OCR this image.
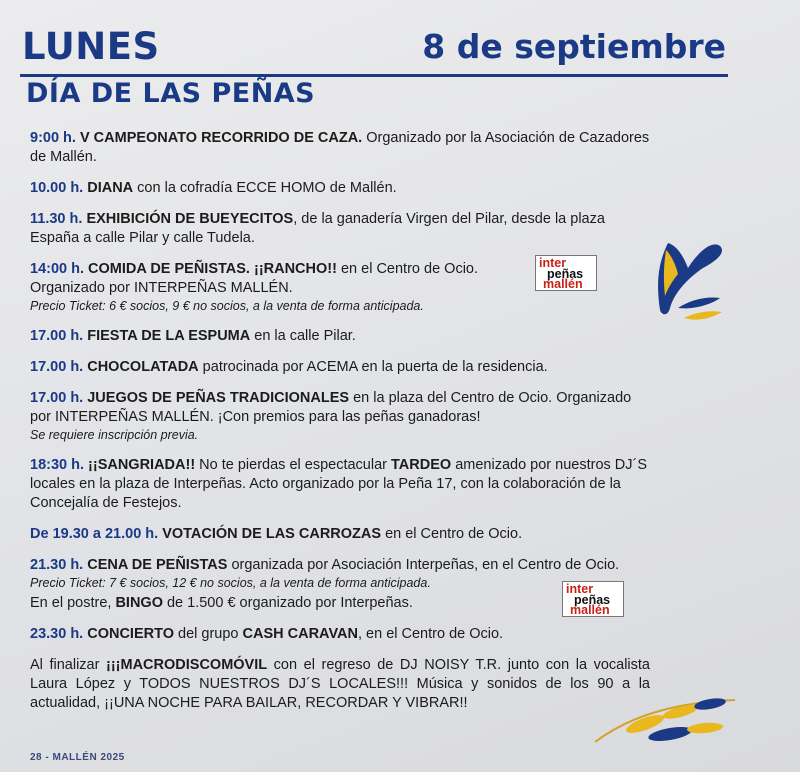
LUNES	8 de septiembre
DÍA DE LAS PEÑAS
9:00 h. V CAMPEONATO RECORRIDO DE CAZA. Organizado por la Asociación de Cazadores de Mallén.
10.00 h. DIANA con la cofradía ECCE HOMO de Mallén.
11.30 h. EXHIBICIÓN DE BUEYECITOS, de la ganadería Virgen del Pilar, desde la plaza España a calle Pilar y calle Tudela.
14:00 h. COMIDA DE PEÑISTAS. ¡¡RANCHO!! en el Centro de Ocio. Organizado por INTERPEÑAS MALLÉN.
Precio Ticket: 6 € socios, 9 € no socios, a la venta de forma anticipada.
17.00 h. FIESTA DE LA ESPUMA en la calle Pilar.
17.00 h. CHOCOLATADA patrocinada por ACEMA en la puerta de la residencia.
17.00 h. JUEGOS DE PEÑAS TRADICIONALES en la plaza del Centro de Ocio. Organizado por INTERPEÑAS MALLÉN. ¡Con premios para las peñas ganadoras!
Se requiere inscripción previa.
18:30 h. ¡¡SANGRIADA!! No te pierdas el espectacular TARDEO amenizado por nuestros DJ´S locales en la plaza de Interpeñas. Acto organizado por la Peña 17, con la colaboración de la Concejalía de Festejos.
De 19.30 a 21.00 h. VOTACIÓN DE LAS CARROZAS en el Centro de Ocio.
21.30 h. CENA DE PEÑISTAS organizada por Asociación Interpeñas, en el Centro de Ocio.
Precio Ticket: 7 € socios, 12 € no socios, a la venta de forma anticipada.
En el postre, BINGO de 1.500 € organizado por Interpeñas.
23.30 h. CONCIERTO del grupo CASH CARAVAN, en el Centro de Ocio.
Al finalizar ¡¡¡MACRODISCOMÓVIL con el regreso de DJ NOISY T.R. junto con la vocalista Laura López y TODOS NUESTROS DJ´S LOCALES!!! Música y sonidos de los 90 a la actualidad, ¡¡UNA NOCHE PARA BAILAR, RECORDAR Y VIBRAR!!
inter
peñas
mallén
inter
peñas
mallén
28 - MALLÉN 2025
